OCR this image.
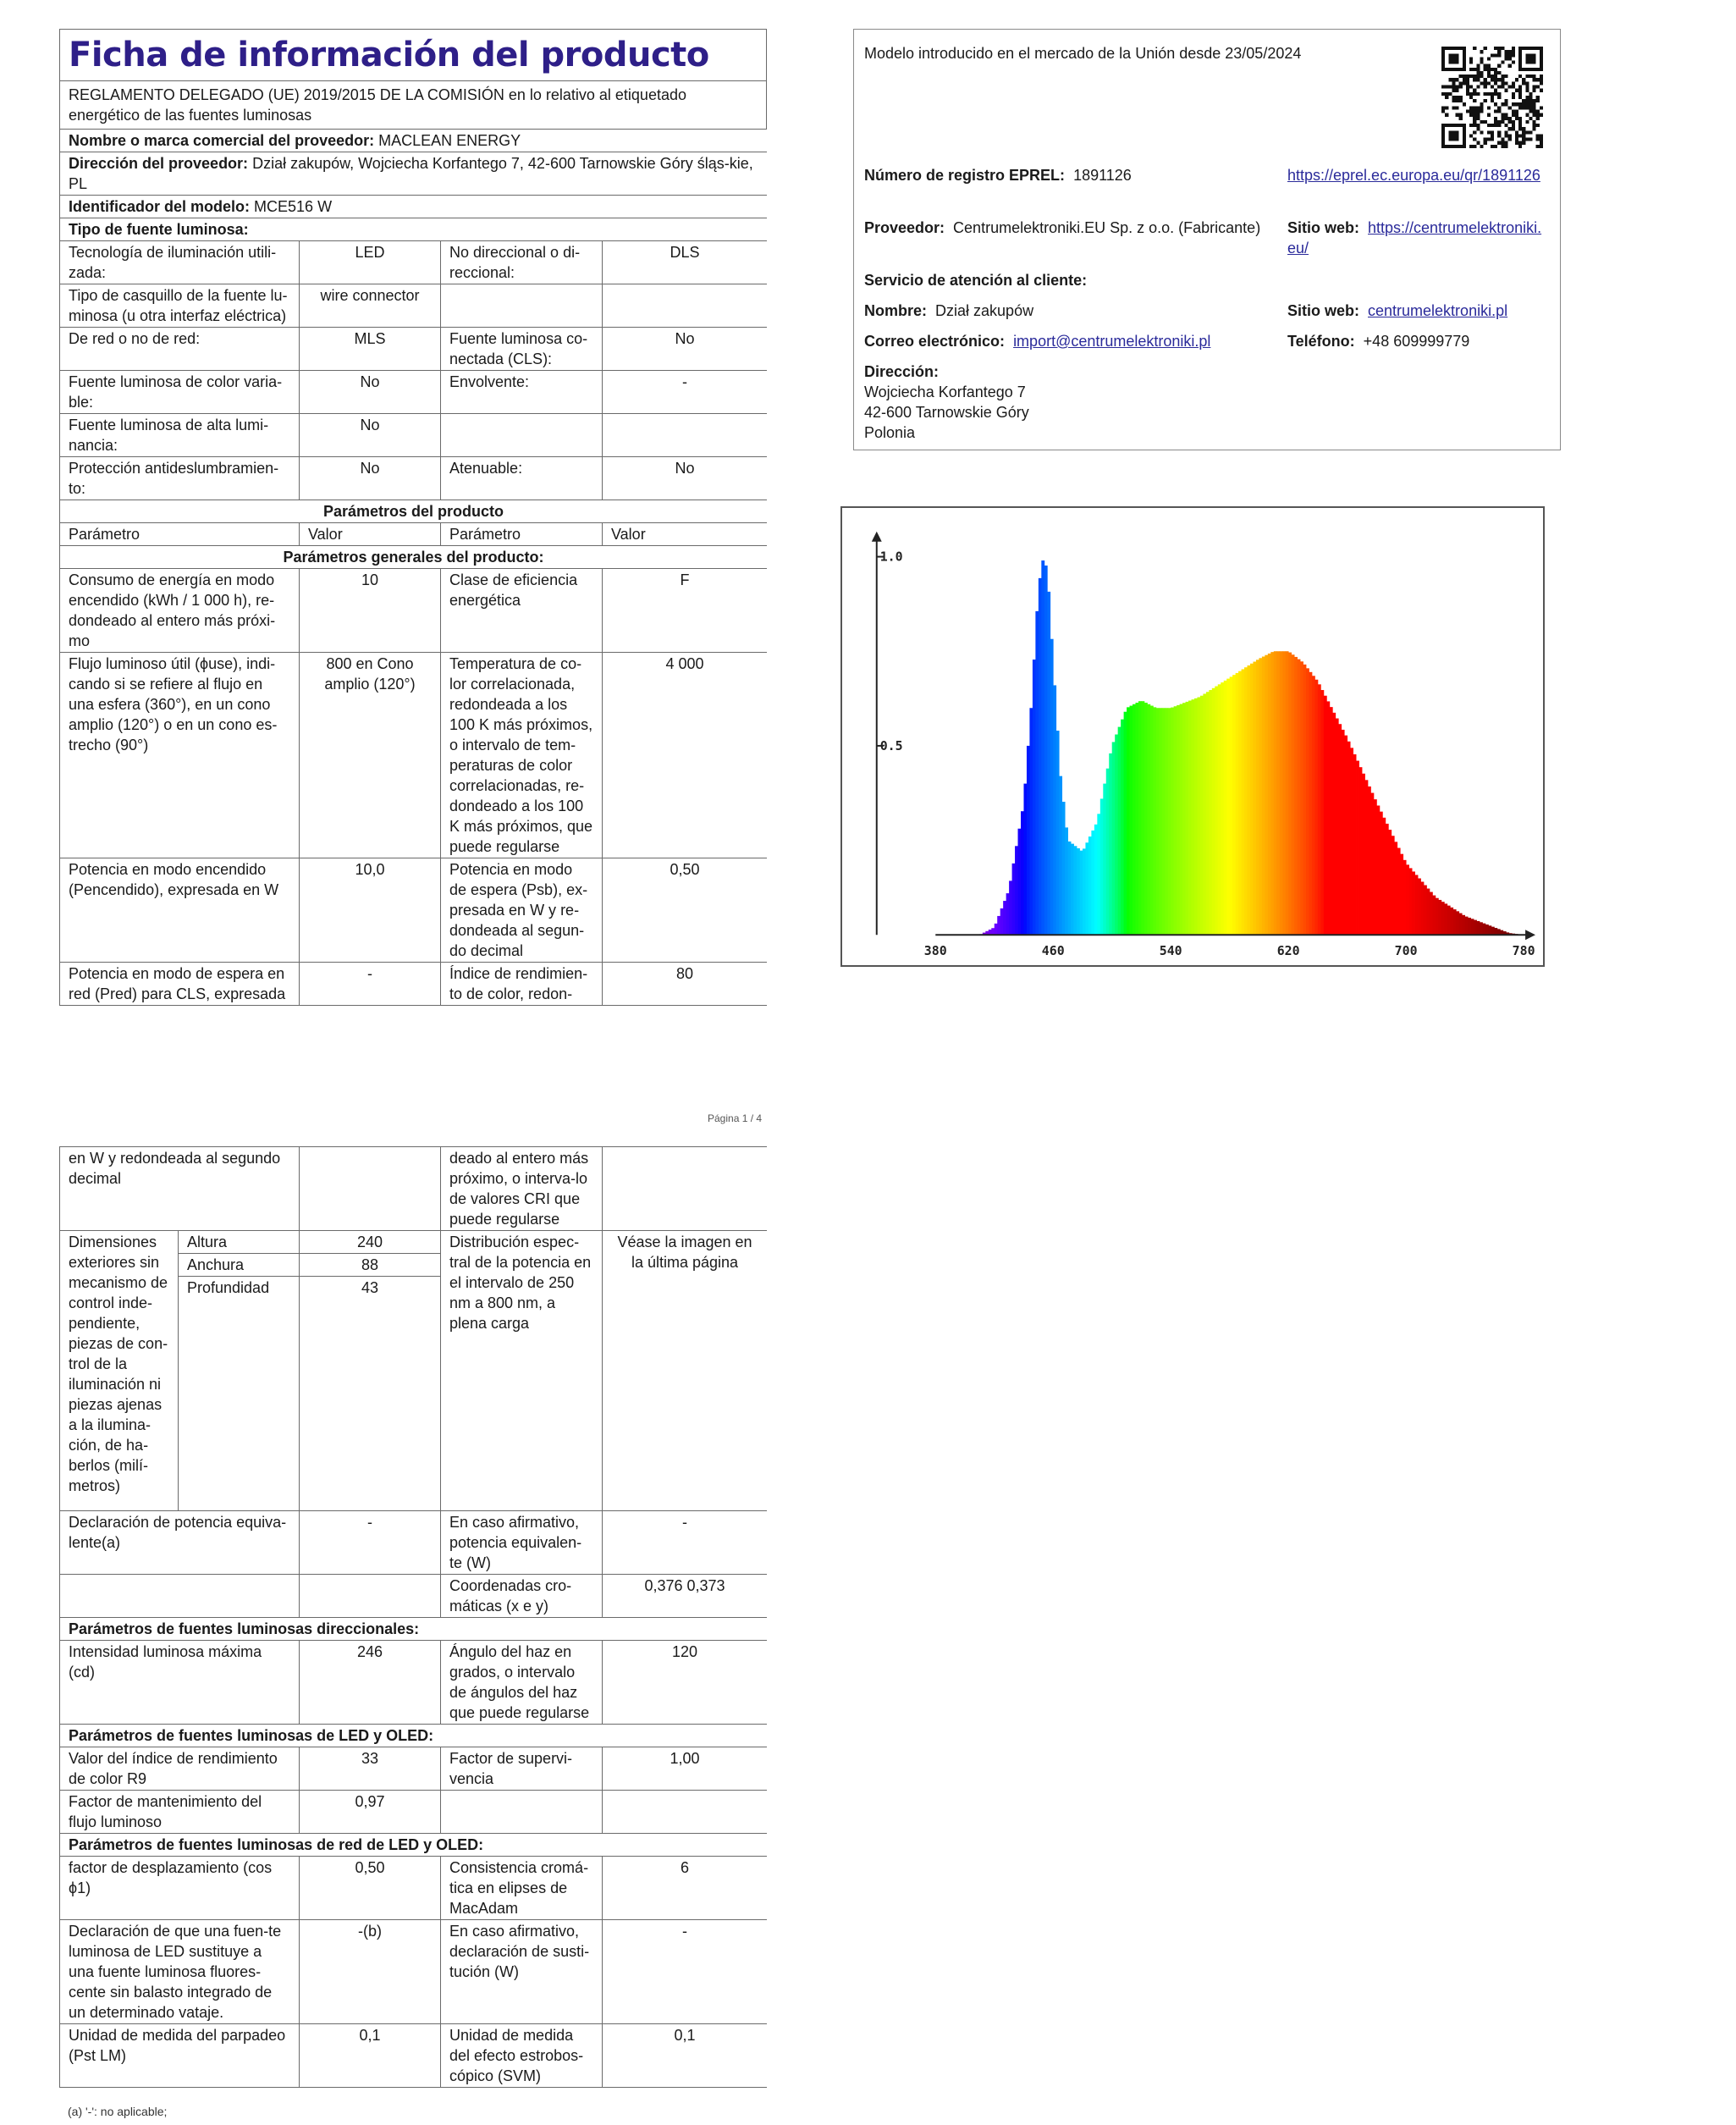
Ficha de información del producto
REGLAMENTO DELEGADO (UE) 2019/2015 DE LA COMISIÓN en lo relativo al etiquetado energético de las fuentes luminosas
Nombre o marca comercial del proveedor: MACLEAN ENERGY			
Dirección del proveedor: Dział zakupów, Wojciecha Korfantego 7, 42-600 Tarnowskie Góry śląs-kie, PL			
Identificador del modelo: MCE516 W			
Tipo de fuente luminosa:			
Tecnología de iluminación utili-zada:	LED	No direccional o di-reccional:	DLS
Tipo de casquillo de la fuente lu-minosa (u otra interfaz eléctrica)	wire connector		
De red o no de red:	MLS	Fuente luminosa co-nectada (CLS):	No
Fuente luminosa de color varia-ble:	No	Envolvente:	-
Fuente luminosa de alta lumi-nancia:	No		
Protección antideslumbramien-to:	No	Atenuable:	No
Parámetros del producto			
Parámetro	Valor	Parámetro	Valor
Parámetros generales del producto:			
Consumo de energía en modo encendido (kWh / 1 000 h), re-dondeado al entero más próxi-mo	10	Clase de eficiencia energética	F
Flujo luminoso útil (ϕuse), indi-cando si se refiere al flujo en una esfera (360°), en un cono amplio (120°) o en un cono es-trecho (90°)	800 en Cono amplio (120°)	Temperatura de co-lor correlacionada, redondeada a los 100 K más próximos, o intervalo de tem-peraturas de color correlacionadas, re-dondeado a los 100 K más próximos, que puede regularse	4 000
Potencia en modo encendido (Pencendido), expresada en W	10,0	Potencia en modo de espera (Psb), ex-presada en W y re-dondeada al segun-do decimal	0,50
Potencia en modo de espera en red (Pred) para CLS, expresada	-	Índice de rendimien-to de color, redon-	80
Página 1 / 4
en W y redondeada al segundo decimal			deado al entero más próximo, o interva-lo de valores CRI que puede regularse	
Dimensiones exteriores sin mecanismo de control inde-pendiente, piezas de con-trol de la iluminación ni piezas ajenas a la ilumina-ción, de ha-berlos (milí-metros)	Altura	240	Distribución espec-tral de la potencia en el intervalo de 250 nm a 800 nm, a plena carga	Véase la imagen en la última página
	Anchura	88		
	Profundidad	43		

Declaración de potencia equiva-lente(a)		-	En caso afirmativo, potencia equivalen-te (W)	-
			Coordenadas cro-máticas (x e y)	0,376 0,373
Parámetros de fuentes luminosas direccionales:				
Intensidad luminosa máxima (cd)		246	Ángulo del haz en grados, o intervalo de ángulos del haz que puede regularse	120
Parámetros de fuentes luminosas de LED y OLED:				
Valor del índice de rendimiento de color R9		33	Factor de supervi-vencia	1,00
Factor de mantenimiento del flujo luminoso		0,97		
Parámetros de fuentes luminosas de red de LED y OLED:				
factor de desplazamiento (cos ϕ1)		0,50	Consistencia cromá-tica en elipses de MacAdam	6
Declaración de que una fuen-te luminosa de LED sustituye a una fuente luminosa fluores-cente sin balasto integrado de un determinado vataje.		-(b)	En caso afirmativo, declaración de susti-tución (W)	-
Unidad de medida del parpadeo (Pst LM)		0,1	Unidad de medida del efecto estrobos-cópico (SVM)	0,1
(a) '-': no aplicable;
Modelo introducido en el mercado de la Unión desde 23/05/2024
Número de registro EPREL: 1891126	https://eprel.ec.europa.eu/qr/1891126
Proveedor: Centrumelektroniki.EU Sp. z o.o. (Fabricante)	Sitio web: https://centrumelektroniki.eu/
Servicio de atención al cliente:
Nombre: Dział zakupów	Sitio web: centrumelektroniki.pl
Correo electrónico: import@centrumelektroniki.pl	Teléfono: +48 609999779
Dirección:
Wojciecha Korfantego 7
42-600 Tarnowskie Góry
Polonia
380	460	540	620	700	780
0.5
1.0
